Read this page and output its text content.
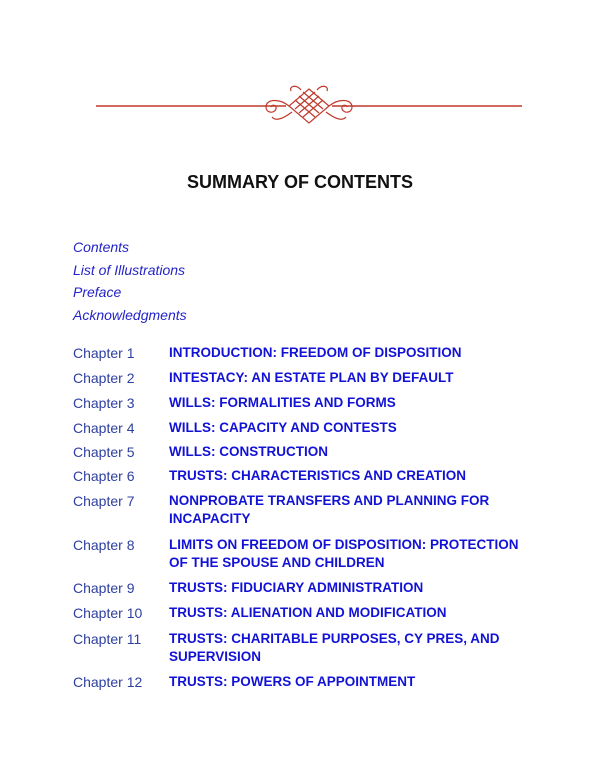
SUMMARY OF CONTENTS
Contents
List of Illustrations
Preface
Acknowledgments
Chapter 1	INTRODUCTION: FREEDOM OF DISPOSITION
Chapter 2	INTESTACY: AN ESTATE PLAN BY DEFAULT
Chapter 3	WILLS: FORMALITIES AND FORMS
Chapter 4	WILLS: CAPACITY AND CONTESTS
Chapter 5	WILLS: CONSTRUCTION
Chapter 6	TRUSTS: CHARACTERISTICS AND CREATION
Chapter 7	NONPROBATE TRANSFERS AND PLANNING FOR INCAPACITY
Chapter 8	LIMITS ON FREEDOM OF DISPOSITION: PROTECTION OF THE SPOUSE AND CHILDREN
Chapter 9	TRUSTS: FIDUCIARY ADMINISTRATION
Chapter 10	TRUSTS: ALIENATION AND MODIFICATION
Chapter 11	TRUSTS: CHARITABLE PURPOSES, CY PRES, AND SUPERVISION
Chapter 12	TRUSTS: POWERS OF APPOINTMENT
